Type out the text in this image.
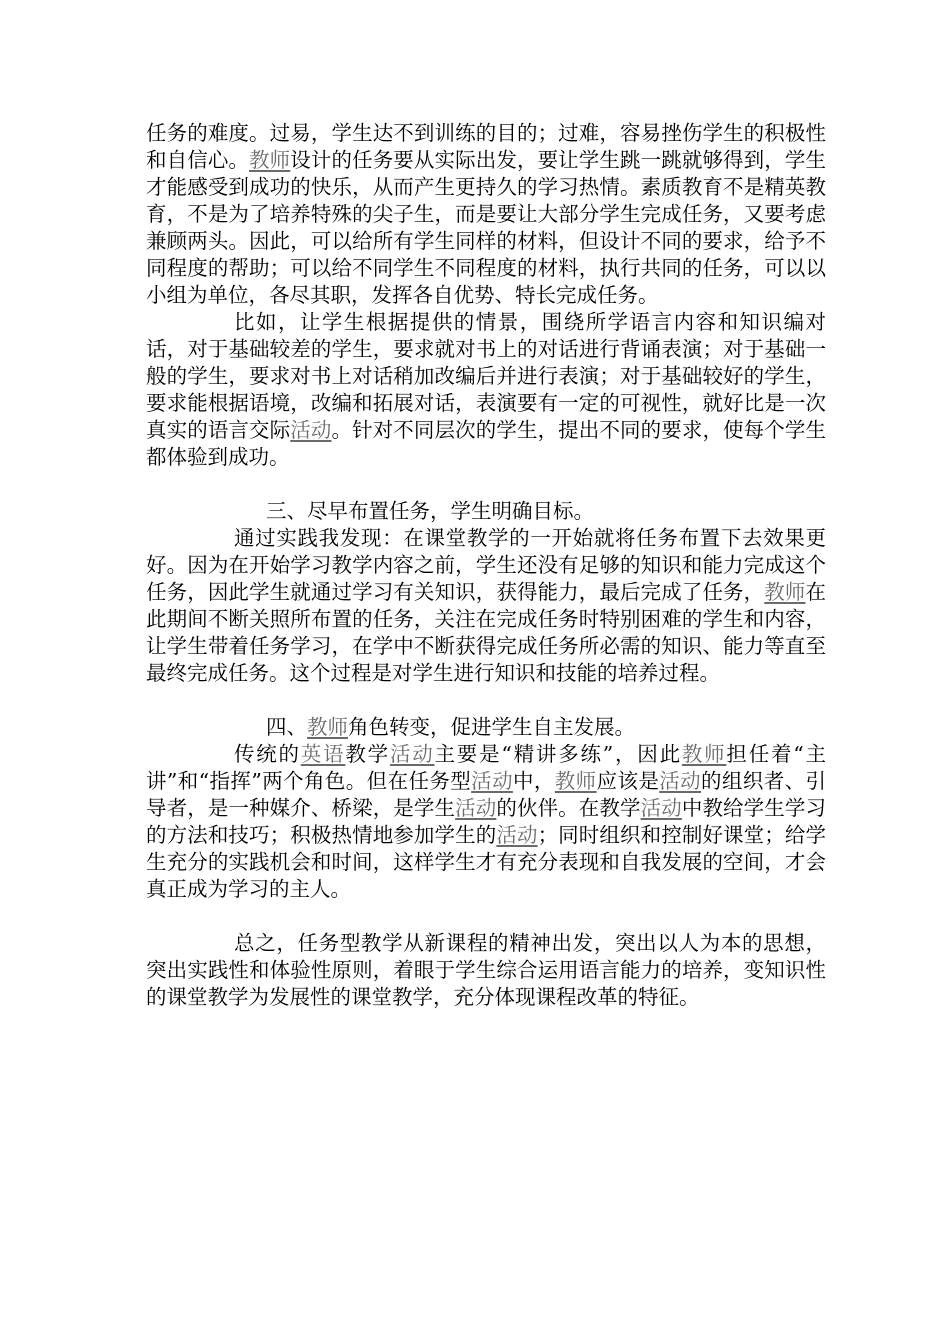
任务的难度。过易，学生达不到训练的目的；过难，容易挫伤学生的积极性和自信心。教师设计的任务要从实际出发，要让学生跳一跳就够得到，学生才能感受到成功的快乐，从而产生更持久的学习热情。素质教育不是精英教育，不是为了培养特殊的尖子生，而是要让大部分学生完成任务，又要考虑兼顾两头。因此，可以给所有学生同样的材料，但设计不同的要求，给予不同程度的帮助；可以给不同学生不同程度的材料，执行共同的任务，可以以小组为单位，各尽其职，发挥各自优势、特长完成任务。

比如，让学生根据提供的情景，围绕所学语言内容和知识编对话，对于基础较差的学生，要求就对书上的对话进行背诵表演；对于基础一般的学生，要求对书上对话稍加改编后并进行表演；对于基础较好的学生，要求能根据语境，改编和拓展对话，表演要有一定的可视性，就好比是一次真实的语言交际活动。针对不同层次的学生，提出不同的要求，使每个学生都体验到成功。

三、尽早布置任务，学生明确目标。

通过实践我发现：在课堂教学的一开始就将任务布置下去效果更好。因为在开始学习教学内容之前，学生还没有足够的知识和能力完成这个任务，因此学生就通过学习有关知识，获得能力，最后完成了任务，教师在此期间不断关照所布置的任务，关注在完成任务时特别困难的学生和内容，让学生带着任务学习，在学中不断获得完成任务所必需的知识、能力等直至最终完成任务。这个过程是对学生进行知识和技能的培养过程。

四、教师角色转变，促进学生自主发展。

传统的英语教学活动主要是“精讲多练”，因此教师担任着“主讲”和“指挥”两个角色。但在任务型活动中，教师应该是活动的组织者、引导者，是一种媒介、桥梁，是学生活动的伙伴。在教学活动中教给学生学习的方法和技巧；积极热情地参加学生的活动；同时组织和控制好课堂；给学生充分的实践机会和时间，这样学生才有充分表现和自我发展的空间，才会真正成为学习的主人。

总之，任务型教学从新课程的精神出发，突出以人为本的思想，突出实践性和体验性原则，着眼于学生综合运用语言能力的培养，变知识性的课堂教学为发展性的课堂教学，充分体现课程改革的特征。
